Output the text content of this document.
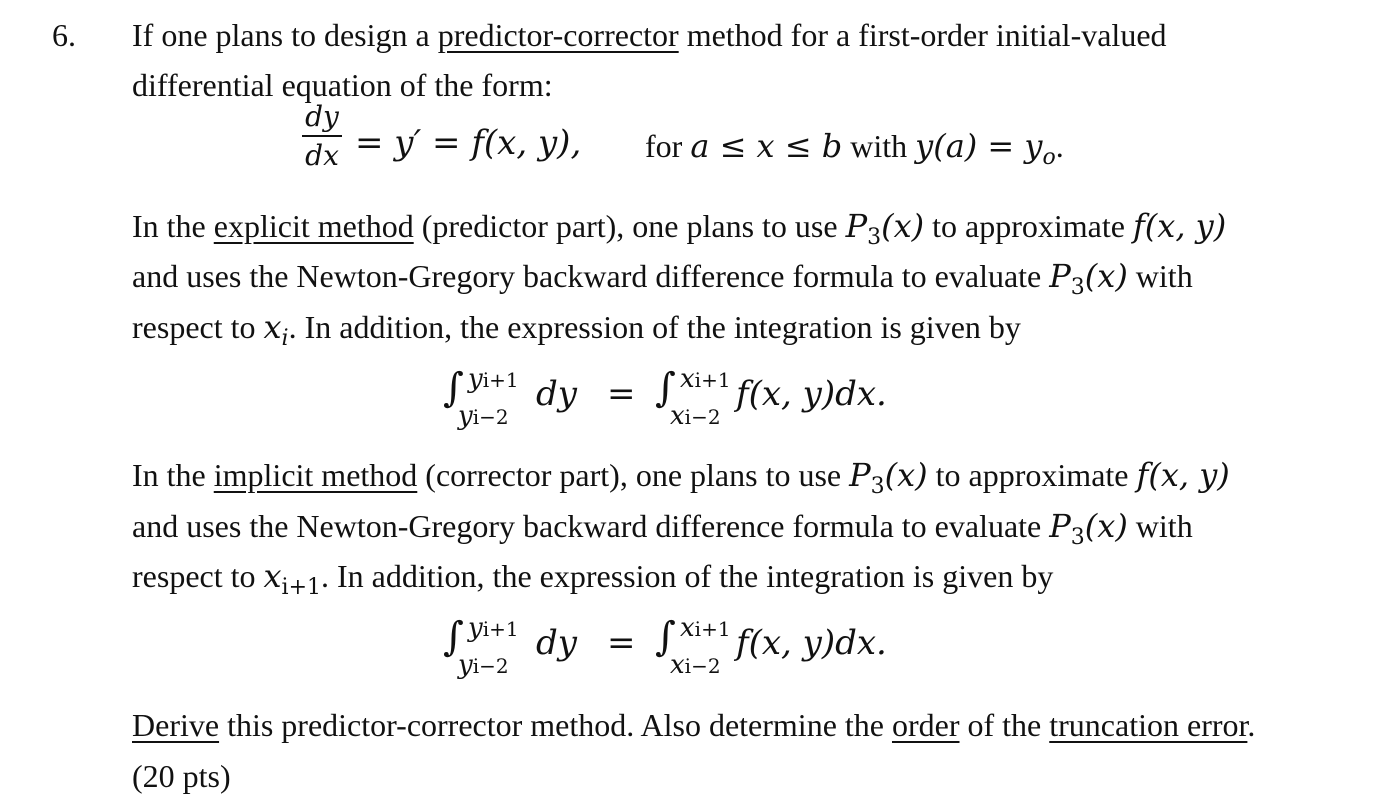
6. If one plans to design a predictor-corrector method for a first-order initial-valued
differential equation of the form:
dy
dx = y′ = f(x, y), for a ≤ x ≤ b with $y(a) = y_o$.
In the explicit method (predictor part), one plans to use $P_3(x)$ to approximate f(x, y)
and uses the Newton-Gregory backward difference formula to evaluate $P_3(x)$ with
respect to $x_i$. In addition, the expression of the integration is given by
∫ yi+1
yi−2
dy = ∫ xi+1
xi−2
f(x, y)dx.
In the implicit method (corrector part), one plans to use $P_3(x)$ to approximate f(x, y)
and uses the Newton-Gregory backward difference formula to evaluate $P_3(x)$ with
respect to $x_{i+1}$. In addition, the expression of the integration is given by
∫ yi+1
yi−2
dy = ∫ xi+1
xi−2
f(x, y)dx.
Derive this predictor-corrector method. Also determine the order of the truncation error.
(20 pts)
